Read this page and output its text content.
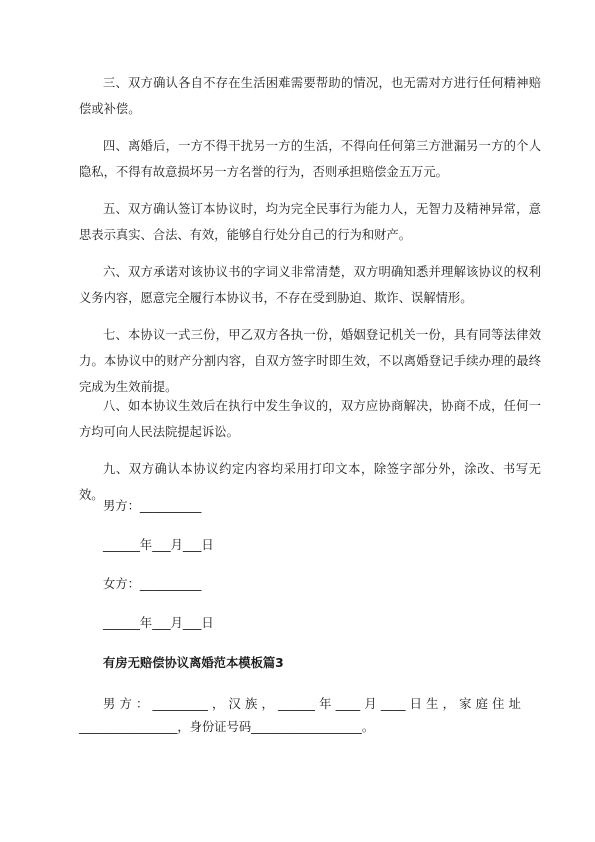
三、双方确认各自不存在生活困难需要帮助的情况，也无需对方进行任何精神赔偿或补偿。

四、离婚后，一方不得干扰另一方的生活，不得向任何第三方泄漏另一方的个人隐私，不得有故意损坏另一方名誉的行为，否则承担赔偿金五万元。

五、双方确认签订本协议时，均为完全民事行为能力人，无智力及精神异常，意思表示真实、合法、有效，能够自行处分自己的行为和财产。

六、双方承诺对该协议书的字词义非常清楚，双方明确知悉并理解该协议的权利义务内容，愿意完全履行本协议书，不存在受到胁迫、欺诈、误解情形。

七、本协议一式三份，甲乙双方各执一份，婚姻登记机关一份，具有同等法律效力。本协议中的财产分割内容，自双方签字时即生效，不以离婚登记手续办理的最终完成为生效前提。

八、如本协议生效后在执行中发生争议的，双方应协商解决，协商不成，任何一方均可向人民法院提起诉讼。

九、双方确认本协议约定内容均采用打印文本，除签字部分外，涂改、书写无效。

男方：__________
______年___月___日
女方：__________
______年___月___日
有房无赔偿协议离婚范本模板篇3
男 方 ： _________ ， 汉 族 ， ______ 年 ____ 月 ____ 日 生 ， 家 庭 住 址
________________，身份证号码__________________。
